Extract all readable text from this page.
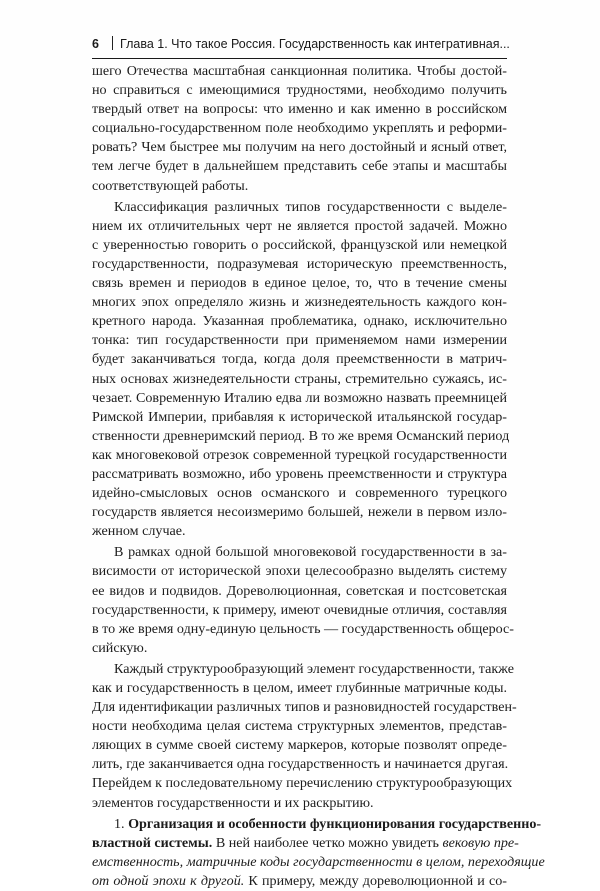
6 Глава 1. Что такое Россия. Государственность как интегративная...
шего Отечества масштабная санкционная политика. Чтобы достой-
но справиться с имеющимися трудностями, необходимо получить
твердый ответ на вопросы: что именно и как именно в российском
социально-государственном поле необходимо укреплять и реформи-
ровать? Чем быстрее мы получим на него достойный и ясный ответ,
тем легче будет в дальнейшем представить себе этапы и масштабы
соответствующей работы.
Классификация различных типов государственности с выделе-
нием их отличительных черт не является простой задачей. Можно
с уверенностью говорить о российской, французской или немецкой
государственности, подразумевая историческую преемственность,
связь времен и периодов в единое целое, то, что в течение смены
многих эпох определяло жизнь и жизнедеятельность каждого кон-
кретного народа. Указанная проблематика, однако, исключительно
тонка: тип государственности при применяемом нами измерении
будет заканчиваться тогда, когда доля преемственности в матрич-
ных основах жизнедеятельности страны, стремительно сужаясь, ис-
чезает. Современную Италию едва ли возможно назвать преемницей
Римской Империи, прибавляя к исторической итальянской государ-
ственности древнеримский период. В то же время Османский период
как многовековой отрезок современной турецкой государственности
рассматривать возможно, ибо уровень преемственности и структура
идейно-смысловых основ османского и современного турецкого
государств является несоизмеримо большей, нежели в первом изло-
женном случае.
В рамках одной большой многовековой государственности в за-
висимости от исторической эпохи целесообразно выделять систему
ее видов и подвидов. Дореволюционная, советская и постсоветская
государственности, к примеру, имеют очевидные отличия, составляя
в то же время одну-единую цельность — государственность общерос-
сийскую.
Каждый структурообразующий элемент государственности, также
как и государственность в целом, имеет глубинные матричные коды.
Для идентификации различных типов и разновидностей государствен-
ности необходима целая система структурных элементов, представ-
ляющих в сумме своей систему маркеров, которые позволят опреде-
лить, где заканчивается одна государственность и начинается другая.
Перейдем к последовательному перечислению структурообразующих
элементов государственности и их раскрытию.
1. Организация и особенности функционирования государственно-
властной системы. В ней наиболее четко можно увидеть вековую пре-
емственность, матричные коды государственности в целом, переходящие
от одной эпохи к другой. К примеру, между дореволюционной и со-
